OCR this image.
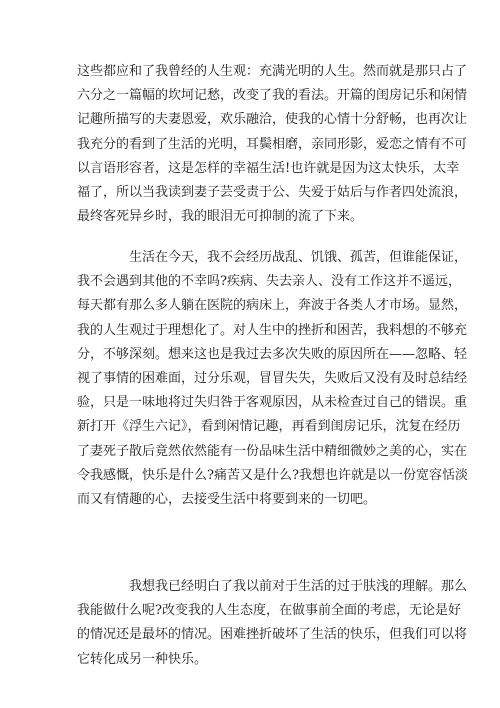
这些都应和了我曾经的人生观：充满光明的人生。然而就是那只占了
六分之一篇幅的坎坷记愁，改变了我的看法。开篇的闺房记乐和闲情
记趣所描写的夫妻恩爱，欢乐融洽，使我的心情十分舒畅，也再次让
我充分的看到了生活的光明，耳鬓相磨，亲同形影，爱恋之情有不可
以言语形容者，这是怎样的幸福生活!也许就是因为这太快乐，太幸
福了，所以当我读到妻子芸受责于公、失爱于姑后与作者四处流浪，
最终客死异乡时，我的眼泪无可抑制的流了下来。
生活在今天，我不会经历战乱、饥饿、孤苦，但谁能保证，
我不会遇到其他的不幸吗?疾病、失去亲人、没有工作这并不遥远，
每天都有那么多人躺在医院的病床上，奔波于各类人才市场。显然，
我的人生观过于理想化了。对人生中的挫折和困苦，我料想的不够充
分，不够深刻。想来这也是我过去多次失败的原因所在——忽略、轻
视了事情的困难面，过分乐观，冒冒失失，失败后又没有及时总结经
验，只是一味地将过失归咎于客观原因，从未检查过自己的错误。重
新打开《浮生六记》，看到闲情记趣，再看到闺房记乐，沈复在经历
了妻死子散后竟然依然能有一份品味生活中精细微妙之美的心，实在
令我感慨，快乐是什么?痛苦又是什么?我想也许就是以一份宽容恬淡
而又有情趣的心，去接受生活中将要到来的一切吧。
我想我已经明白了我以前对于生活的过于肤浅的理解。那么
我能做什么呢?改变我的人生态度，在做事前全面的考虑，无论是好
的情况还是最坏的情况。困难挫折破坏了生活的快乐，但我们可以将
它转化成另一种快乐。
